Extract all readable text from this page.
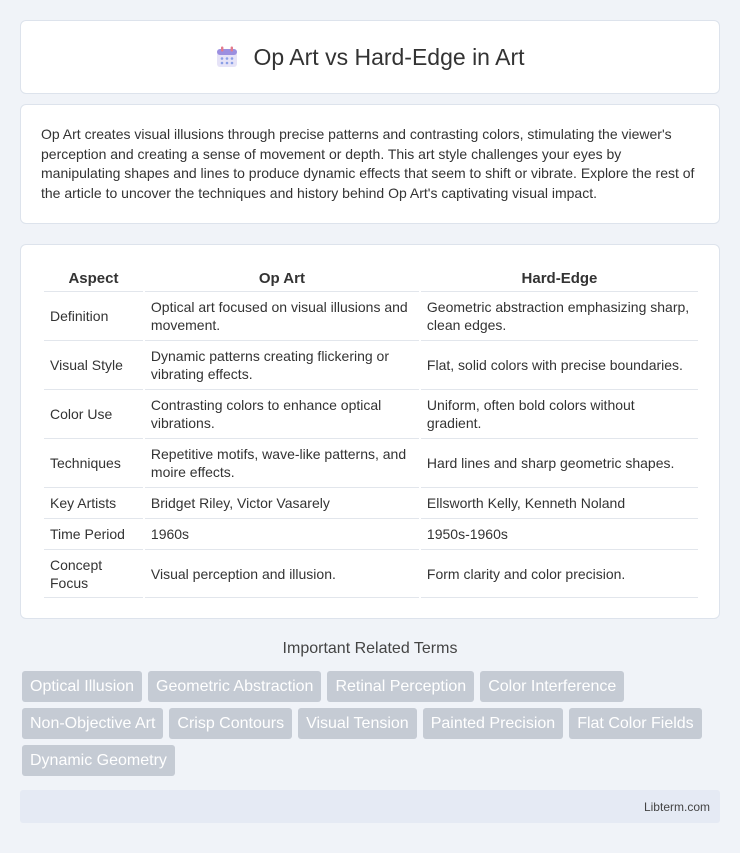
Op Art vs Hard-Edge in Art

Op Art creates visual illusions through precise patterns and contrasting colors, stimulating the viewer's perception and creating a sense of movement or depth. This art style challenges your eyes by manipulating shapes and lines to produce dynamic effects that seem to shift or vibrate. Explore the rest of the article to uncover the techniques and history behind Op Art's captivating visual impact.

Aspect	Op Art	Hard-Edge
Definition	Optical art focused on visual illusions and movement.	Geometric abstraction emphasizing sharp, clean edges.
Visual Style	Dynamic patterns creating flickering or vibrating effects.	Flat, solid colors with precise boundaries.
Color Use	Contrasting colors to enhance optical vibrations.	Uniform, often bold colors without gradient.
Techniques	Repetitive motifs, wave-like patterns, and moire effects.	Hard lines and sharp geometric shapes.
Key Artists	Bridget Riley, Victor Vasarely	Ellsworth Kelly, Kenneth Noland
Time Period	1960s	1950s-1960s
Concept Focus	Visual perception and illusion.	Form clarity and color precision.
Important Related Terms
Optical Illusion	Geometric Abstraction	Retinal Perception	Color Interference
Non-Objective Art	Crisp Contours	Visual Tension	Painted Precision	Flat Color Fields
Dynamic Geometry
Libterm.com
